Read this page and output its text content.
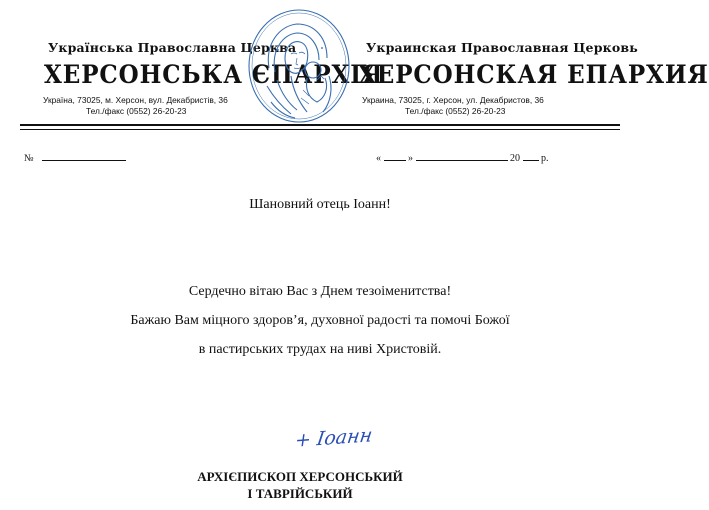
Українська Православна Церква
ХЕРСОНСЬКА ЄПАРХІЯ
Україна, 73025, м. Херсон, вул. Декабристів, 36
Тел./факс (0552) 26-20-23
Украинская Православная Церковь
ХЕРСОНСКАЯ ЕПАРХИЯ
Украина, 73025, г. Херсон, ул. Декабристов, 36
Тел./факс (0552) 26-20-23
№	«	»	20 р.
Шановний отець Іоанн!
Сердечно вітаю Вас з Днем тезоіменитства!
Бажаю Вам міцного здоров’я, духовної радості та помочі Божої
в пастирських трудах на ниві Христовій.
+ Іоанн
АРХІЄПИСКОП ХЕРСОНСЬКИЙ
І ТАВРІЙСЬКИЙ
